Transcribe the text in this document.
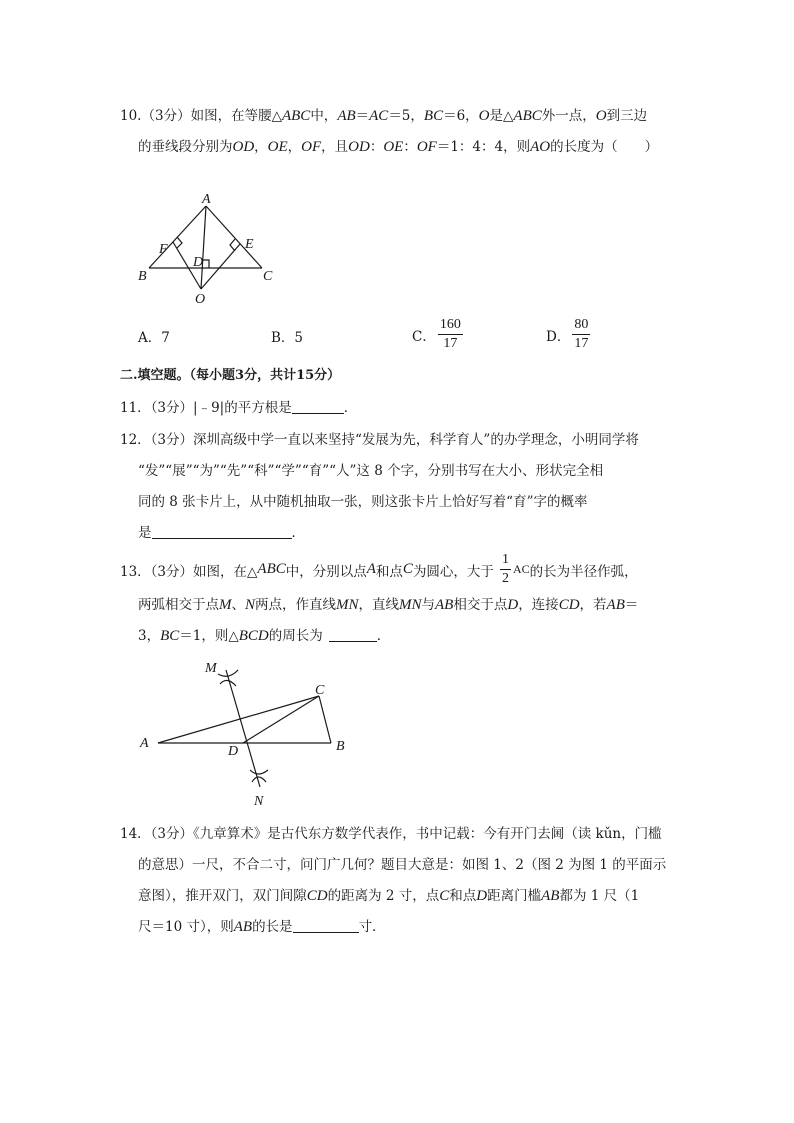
10.（3分）如图，在等腰△ABC中，AB＝AC＝5，BC＝6，O是△ABC外一点，O到三边
的垂线段分别为OD，OE，OF，且OD：OE：OF＝1：4：4，则AO的长度为（　　）
A
B	C
D
E
F
O
A．7	B．5	C． $\frac{160}{17}$	D． $\frac{80}{17}$
二.填空题。（每小题3分，共计15分）
11．（3分）|﹣9|的平方根是	．
12．（3分）深圳高级中学一直以来坚持“发展为先，科学育人”的办学理念，小明同学将
“发”“展”“为”“先”“科”“学”“育”“人”这 8 个字，分别书写在大小、形状完全相
同的 8 张卡片上，从中随机抽取一张，则这张卡片上恰好写着“育”字的概率
是	．
13．（3分）如图，在△ ABC 中，分别以点 A 和点 C 为圆心，大于 $\frac{1}{2}$ AC 的长为半径作弧，
两弧相交于点M、N两点，作直线MN，直线MN与AB相交于点D，连接CD，若AB＝
3，BC＝1，则△BCD的周长为	．
M
C
A
D	B
N
14．（3分）《九章算术》是古代东方数学代表作，书中记载：今有开门去阃（读 kǔn，门槛
的意思）一尺，不合二寸，问门广几何？题目大意是：如图 1、2（图 2 为图 1 的平面示
意图），推开双门，双门间隙CD的距离为 2 寸，点C和点D距离门槛AB都为 1 尺（1
尺＝10 寸），则AB的长是	寸．
